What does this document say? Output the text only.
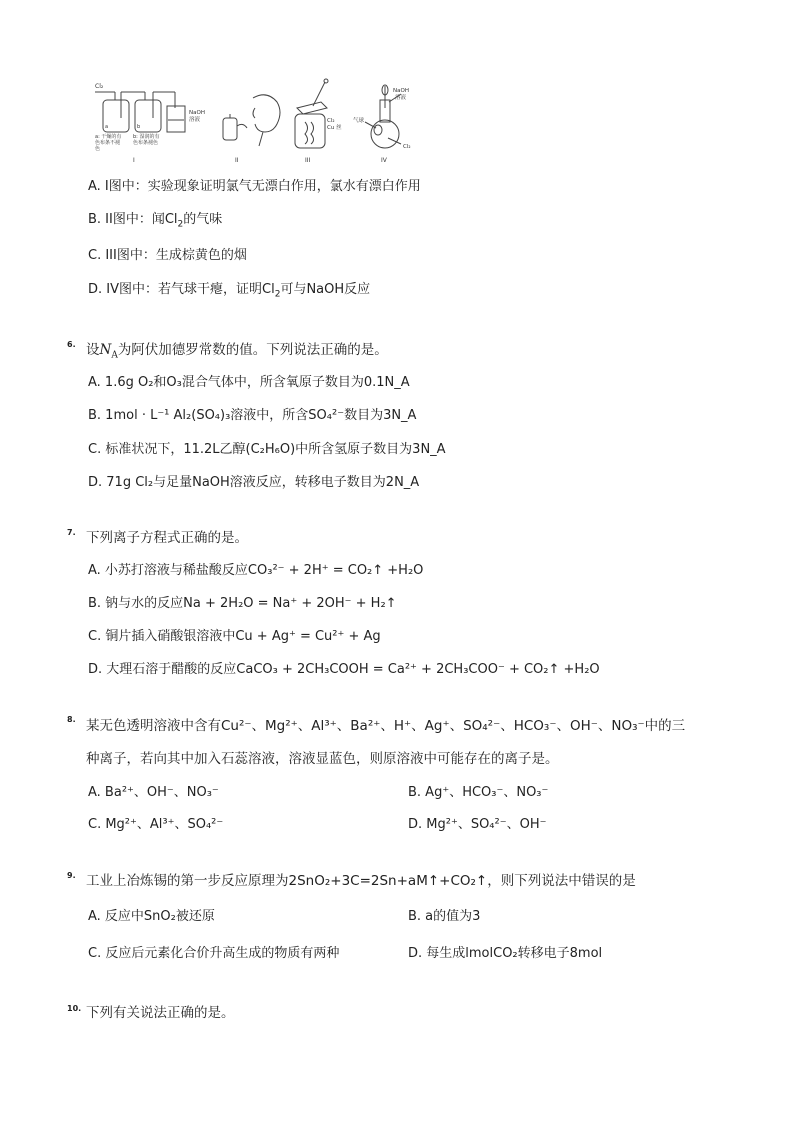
Cl₂
a	b
a: 干燥的有
色布条不褪
色
b: 湿润的有
色布条褪色
NaOH
溶液
I	II
Cl₂
Cu 丝
III
气球
NaOH
溶液
Cl₂
IV
A. I图中：实验现象证明氯气无漂白作用，氯水有漂白作用
B. II图中：闻$Cl_2$的气味
C. III图中：生成棕黄色的烟
D. IV图中：若气球干瘪，证明$Cl_2$可与NaOH反应
6. 设$N_A$为阿伏加德罗常数的值。下列说法正确的是。
A. 1.6g O₂和O₃混合气体中，所含氧原子数目为0.1N_A
B. 1mol · L⁻¹ Al₂(SO₄)₃溶液中，所含SO₄²⁻数目为3N_A
C. 标准状况下，11.2L乙醇(C₂H₆O)中所含氢原子数目为3N_A
D. 71g Cl₂与足量NaOH溶液反应，转移电子数目为2N_A
7. 下列离子方程式正确的是。
A. 小苏打溶液与稀盐酸反应CO₃²⁻ + 2H⁺ = CO₂↑ +H₂O
B. 钠与水的反应Na + 2H₂O = Na⁺ + 2OH⁻ + H₂↑
C. 铜片插入硝酸银溶液中Cu + Ag⁺ = Cu²⁺ + Ag
D. 大理石溶于醋酸的反应CaCO₃ + 2CH₃COOH = Ca²⁺ + 2CH₃COO⁻ + CO₂↑ +H₂O
8. 某无色透明溶液中含有Cu²⁻、Mg²⁺、Al³⁺、Ba²⁺、H⁺、Ag⁺、SO₄²⁻、HCO₃⁻、OH⁻、NO₃⁻中的三
种离子，若向其中加入石蕊溶液，溶液显蓝色，则原溶液中可能存在的离子是。
A. Ba²⁺、OH⁻、NO₃⁻	B. Ag⁺、HCO₃⁻、NO₃⁻
C. Mg²⁺、Al³⁺、SO₄²⁻	D. Mg²⁺、SO₄²⁻、OH⁻
9. 工业上冶炼锡的第一步反应原理为2SnO₂+3C=2Sn+aM↑+CO₂↑，则下列说法中错误的是
A. 反应中SnO₂被还原	B. a的值为3
C. 反应后元素化合价升高生成的物质有两种	D. 每生成lmolCO₂转移电子8mol
10. 下列有关说法正确的是。
